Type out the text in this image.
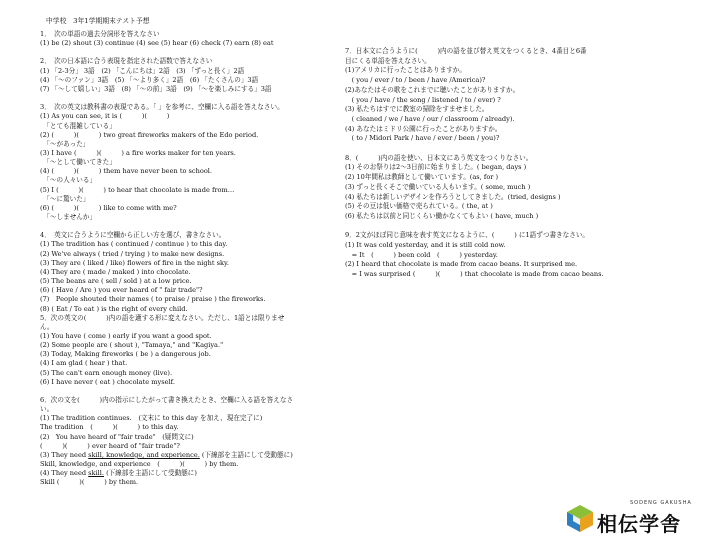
中学校　3年1学期期末テスト予想
1．　次の単語の過去分詞形を答えなさい
(1) be (2) shout (3) continue (4) see (5) hear (6) check (7) earn (8) eat
2．　次の日本語に合う表現を指定された語数で答えなさい
(1) 「2-3分」 3語　(2) 「こんにちは」2語　(3) 「ずっと長く」2語
(4) 「〜のファン」3語　(5) 「〜より多く」2語　(6) 「たくさんの」3語
(7) 「〜して嬉しい」3語　(8) 「〜の前」3語　(9) 「〜を楽しみにする」3語
3．　次の英文は教科書の表現である。「 」を参考に、空欄に入る語を答えなさい。
(1) As you can see, it is (　　　)(　　　)
　「とても混雑している」
(2) (　　　)(　　　) two great fireworks makers of the Edo period.
　「〜があった」
(3) I have (　　　)(　　　) a fire works maker for ten years.
　「〜として働いてきた」
(4) (　　　)(　　　) them have never been to school.
　「〜の人々いる」
(5) I (　　　)(　　　) to hear that chocolate is made from…
　「〜に驚いた」
(6) (　　　)(　　　) like to come with me?
　「〜しませんか」
4．　英文に合うように空欄から正しい方を選び、書きなさい。
(1) The tradition has ( continued / continue ) to this day.
(2) We've always ( tried / trying ) to make new designs.
(3) They are ( liked / like) flowers of fire in the night sky.
(4) They are ( made / maked ) into chocolate.
(5) The beans are ( sell / sold ) at a low price.
(6) ( Have / Are ) you ever heard of " fair trade"?
(7)　People shouted their names ( to praise / praise ) the fireworks.
(8) ( Eat / To eat ) is the right of every child.
5．次の英文の(　　　)内の語を適する形に変えなさい。ただし、1語とは限りませ
ん。
(1) You have ( come ) early if you want a good spot.
(2) Some people are ( shout ), "Tamaya," and "Kagiya."
(3) Today, Making fireworks ( be ) a dangerous job.
(4) I am glad ( hear ) that.
(5) The can't earn enough money (live).
(6) I have never ( eat ) chocolate myself.
6．次の文を(　　　)内の指示にしたがって書き換えたとき、空欄に入る語を答えなさ
い。
(1) The tradition continues.　(文末に to this day を加え、現在完了に)
The tradition　(　　　)(　　　) to this day.
(2)　You have heard of "fair trade"　(疑問文に)
(　　　)(　　　) ever heard of "fair trade"?
(3) They need skill, knowledge, and experience. (下線部を主語にして受動態に)
Skill, knowledge, and experience　(　　　)(　　　) by them.
(4) They need skill. (下線部を主語にして受動態に)
Skill (　　　)(　　　) by them.
7．日本文に合うように(　　　)内の語を並び替え英文をつくるとき、4番目と6番
目にくる単語を答えなさい。
(1)アメリカに行ったことはありますか。
　( you / ever / to / been / have /America)?
(2)あなたはその歌をこれまでに聴いたことがありますか。
　( you / have / the song / listened / to / ever) ?
(3) 私たちはすでに教室の掃除をすませました。
　( cleaned / we / have / our / classroom / already).
(4) あなたはミドリ公園に行ったことがありますか。
　( to / Midori Park / have / ever / been / you)?
8．(　　　)内の語を使い、日本文にあう英文をつくりなさい。
(1) そのお祭りは2〜3日前に始まりました。( began, days )
(2) 10年間私は教師として働いています。(as, for )
(3) ずっと長くそこで働いている人もいます。( some, much )
(4) 私たちは新しいデザインを作ろうとしてきました。(tried, designs )
(5) その豆は低い価格で売られている。( the, at )
(6) 私たちは以前と同じくらい働かなくてもよい ( have, much )
9．2文がほぼ同じ意味を表す英文になるように、(　　　) に1語ずつ書きなさい。
(1) It was cold yesterday, and it is still cold now.
　= It　(　　　) been cold　(　　　) yesterday.
(2) I heard that chocolate is made from cacao beans. It surprised me.
　= I was surprised (　　　)(　　　) that chocolate is made from cacao beans.
SODENG GAKUSHA
相伝学舎
